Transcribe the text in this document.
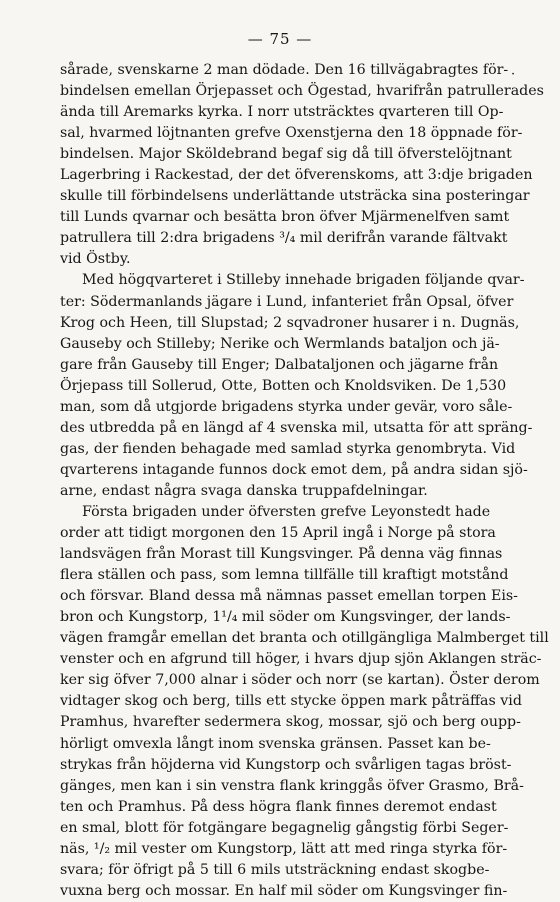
— 75 —
·

sårade, svenskarne 2 man dödade. Den 16 tillvägabragtes för-
bindelsen emellan Örjepasset och Ögestad, hvarifrån patrullerades
ända till Aremarks kyrka. I norr utsträcktes qvarteren till Op-
sal, hvarmed löjtnanten grefve Oxenstjerna den 18 öppnade för-
bindelsen. Major Sköldebrand begaf sig då till öfverstelöjtnant
Lagerbring i Rackestad, der det öfverenskoms, att 3:dje brigaden
skulle till förbindelsens underlättande utsträcka sina posteringar
till Lunds qvarnar och besätta bron öfver Mjärmenelfven samt
patrullera till 2:dra brigadens ³/₄ mil derifrån varande fältvakt
vid Östby.
Med högqvarteret i Stilleby innehade brigaden följande qvar-
ter: Södermanlands jägare i Lund, infanteriet från Opsal, öfver
Krog och Heen, till Slupstad; 2 sqvadroner husarer i n. Dugnäs,
Gauseby och Stilleby; Nerike och Wermlands bataljon och jä-
gare från Gauseby till Enger; Dalbataljonen och jägarne från
Örjepass till Sollerud, Otte, Botten och Knoldsviken. De 1,530
man, som då utgjorde brigadens styrka under gevär, voro såle-
des utbredda på en längd af 4 svenska mil, utsatta för att spräng-
gas, der fienden behagade med samlad styrka genombryta. Vid
qvarterens intagande funnos dock emot dem, på andra sidan sjö-
arne, endast några svaga danska truppafdelningar.
Första brigaden under öfversten grefve Leyonstedt hade
order att tidigt morgonen den 15 April ingå i Norge på stora
landsvägen från Morast till Kungsvinger. På denna väg finnas
flera ställen och pass, som lemna tillfälle till kraftigt motstånd
och försvar. Bland dessa må nämnas passet emellan torpen Eis-
bron och Kungstorp, 1¹/₄ mil söder om Kungsvinger, der lands-
vägen framgår emellan det branta och otillgängliga Malmberget till
venster och en afgrund till höger, i hvars djup sjön Aklangen sträc-
ker sig öfver 7,000 alnar i söder och norr (se kartan). Öster derom
vidtager skog och berg, tills ett stycke öppen mark påträffas vid
Pramhus, hvarefter sedermera skog, mossar, sjö och berg oupp-
hörligt omvexla långt inom svenska gränsen. Passet kan be-
strykas från höjderna vid Kungstorp och svårligen tagas bröst-
gänges, men kan i sin venstra flank kringgås öfver Grasmo, Brå-
ten och Pramhus. På dess högra flank finnes deremot endast
en smal, blott för fotgängare begagnelig gångstig förbi Seger-
näs, ¹/₂ mil vester om Kungstorp, lätt att med ringa styrka för-
svara; för öfrigt på 5 till 6 mils utsträckning endast skogbe-
vuxna berg och mossar. En half mil söder om Kungsvinger fin-
